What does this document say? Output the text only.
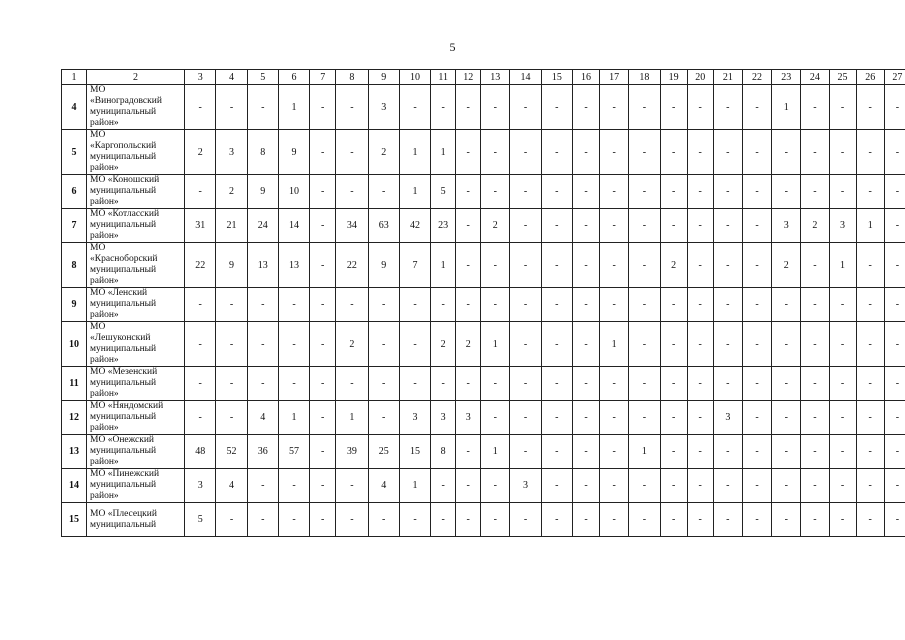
5
1	2	3	4	5	6	7	8	9	10	11	12	13	14	15	16	17	18	19	20	21	22	23	24	25	26	27
4	МО
«Виноградовский
муниципальный
район»	-	-	-	1	-	-	3	-	-	-	-	-	-	-	-	-	-	-	-	-	1	-	-	-	-
5	МО
«Каргопольский
муниципальный
район»	2	3	8	9	-	-	2	1	1	-	-	-	-	-	-	-	-	-	-	-	-	-	-	-	-
6	МО «Коношский
муниципальный
район»	-	2	9	10	-	-	-	1	5	-	-	-	-	-	-	-	-	-	-	-	-	-	-	-	-
7	МО «Котласский
муниципальный
район»	31	21	24	14	-	34	63	42	23	-	2	-	-	-	-	-	-	-	-	-	3	2	3	1	-
8	МО
«Красноборский
муниципальный
район»	22	9	13	13	-	22	9	7	1	-	-	-	-	-	-	-	2	-	-	-	2	-	1	-	-
9	МО «Ленский
муниципальный
район»	-	-	-	-	-	-	-	-	-	-	-	-	-	-	-	-	-	-	-	-	-	-	-	-	-
10	МО
«Лешуконский
муниципальный
район»	-	-	-	-	-	2	-	-	2	2	1	-	-	-	1	-	-	-	-	-	-	-	-	-	-
11	МО «Мезенский
муниципальный
район»	-	-	-	-	-	-	-	-	-	-	-	-	-	-	-	-	-	-	-	-	-	-	-	-	-
12	МО «Няндомский
муниципальный
район»	-	-	4	1	-	1	-	3	3	3	-	-	-	-	-	-	-	-	3	-	-	-	-	-	-
13	МО «Онежский
муниципальный
район»	48	52	36	57	-	39	25	15	8	-	1	-	-	-	-	1	-	-	-	-	-	-	-	-	-
14	МО «Пинежский
муниципальный
район»	3	4	-	-	-	-	4	1	-	-	-	3	-	-	-	-	-	-	-	-	-	-	-	-	-
15	МО «Плесецкий
муниципальный	5	-	-	-	-	-	-	-	-	-	-	-	-	-	-	-	-	-	-	-	-	-	-	-	-
